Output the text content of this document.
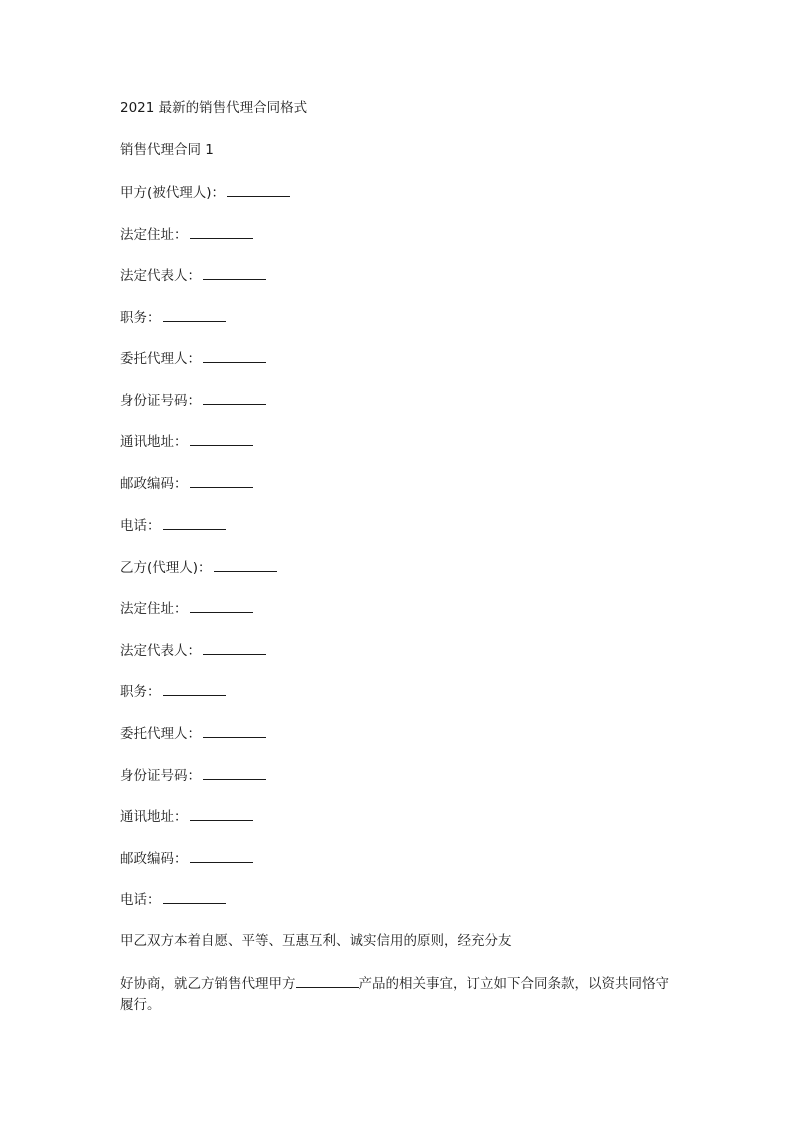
2021 最新的销售代理合同格式
销售代理合同 1
甲方(被代理人)：
法定住址：
法定代表人：
职务：
委托代理人：
身份证号码：
通讯地址：
邮政编码：
电话：
乙方(代理人)：
法定住址：
法定代表人：
职务：
委托代理人：
身份证号码：
通讯地址：
邮政编码：
电话：
甲乙双方本着自愿、平等、互惠互利、诚实信用的原则，经充分友
好协商，就乙方销售代理甲方	产品的相关事宜，订立如下合同条款，以资共同恪守履行。
